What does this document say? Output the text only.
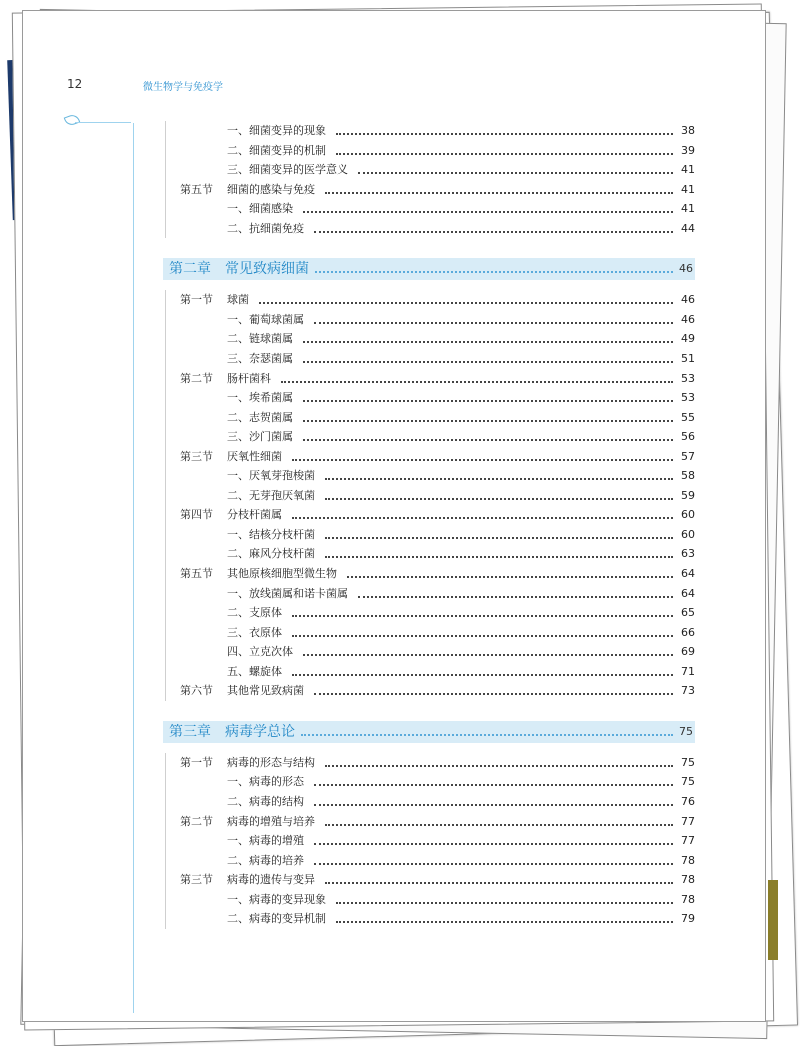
12	微生物学与免疫学
一、细菌变异的现象	38
二、细菌变异的机制	39
三、细菌变异的医学意义	41
第五节 细菌的感染与免疫	41
一、细菌感染	41
二、抗细菌免疫	44
第二章　常见致病细菌	46
第一节 球菌	46
一、葡萄球菌属	46
二、链球菌属	49
三、奈瑟菌属	51
第二节 肠杆菌科	53
一、埃希菌属	53
二、志贺菌属	55
三、沙门菌属	56
第三节 厌氧性细菌	57
一、厌氧芽孢梭菌	58
二、无芽孢厌氧菌	59
第四节 分枝杆菌属	60
一、结核分枝杆菌	60
二、麻风分枝杆菌	63
第五节 其他原核细胞型微生物	64
一、放线菌属和诺卡菌属	64
二、支原体	65
三、衣原体	66
四、立克次体	69
五、螺旋体	71
第六节 其他常见致病菌	73
第三章　病毒学总论	75
第一节 病毒的形态与结构	75
一、病毒的形态	75
二、病毒的结构	76
第二节 病毒的增殖与培养	77
一、病毒的增殖	77
二、病毒的培养	78
第三节 病毒的遗传与变异	78
一、病毒的变异现象	78
二、病毒的变异机制	79
